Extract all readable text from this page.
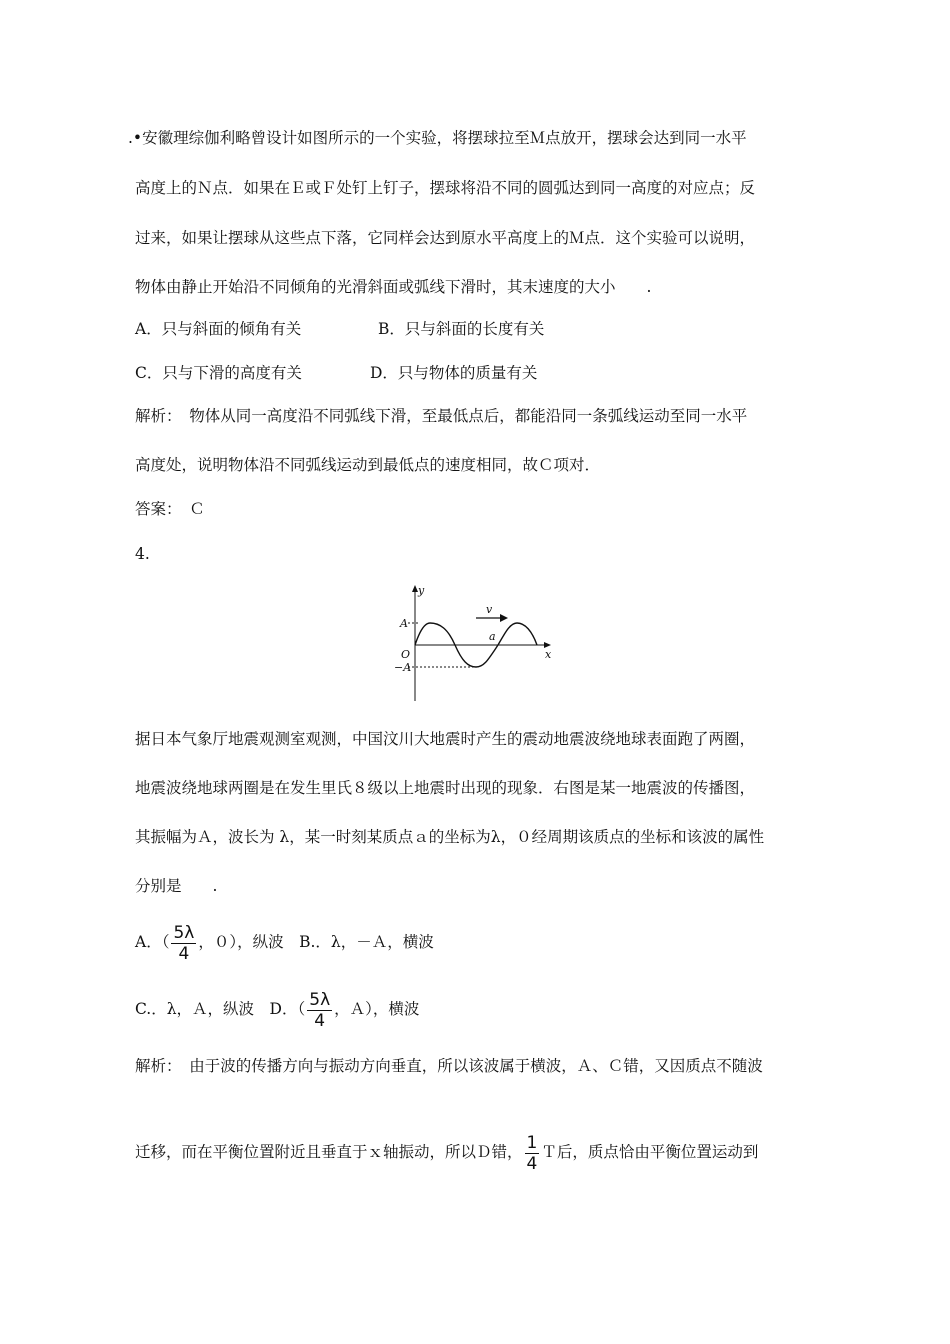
.•安徽理综伽利略曾设计如图所示的一个实验，将摆球拉至Ｍ点放开，摆球会达到同一水平
高度上的Ｎ点．如果在Ｅ或Ｆ处钉上钉子，摆球将沿不同的圆弧达到同一高度的对应点；反
过来，如果让摆球从这些点下落，它同样会达到原水平高度上的Ｍ点．这个实验可以说明，
物体由静止开始沿不同倾角的光滑斜面或弧线下滑时，其末速度的大小　　.
A．只与斜面的倾角有关	B．只与斜面的长度有关
C．只与下滑的高度有关	D．只与物体的质量有关
解析：　物体从同一高度沿不同弧线下滑，至最低点后，都能沿同一条弧线运动至同一水平
高度处，说明物体沿不同弧线运动到最低点的速度相同，故Ｃ项对．
答案：　Ｃ
4.
y
x
A
−A
O
v
a
据日本气象厅地震观测室观测，中国汶川大地震时产生的震动地震波绕地球表面跑了两圈，
地震波绕地球两圈是在发生里氏８级以上地震时出现的现象．右图是某一地震波的传播图，
其振幅为Ａ，波长为 λ，某一时刻某质点ａ的坐标为λ，０经周期该质点的坐标和该波的属性
分别是　　.
A．（ $\frac{5\lambda}{4}$ ，０），纵波　B.．λ，－Ａ，横波
C.．λ，Ａ，纵波　D．（ $\frac{5\lambda}{4}$ ，Ａ），横波
解析：　由于波的传播方向与振动方向垂直，所以该波属于横波，Ａ、Ｃ错，又因质点不随波
迁移，而在平衡位置附近且垂直于ｘ轴振动，所以Ｄ错， $\frac{1}{4}$ Ｔ后，质点恰由平衡位置运动到
